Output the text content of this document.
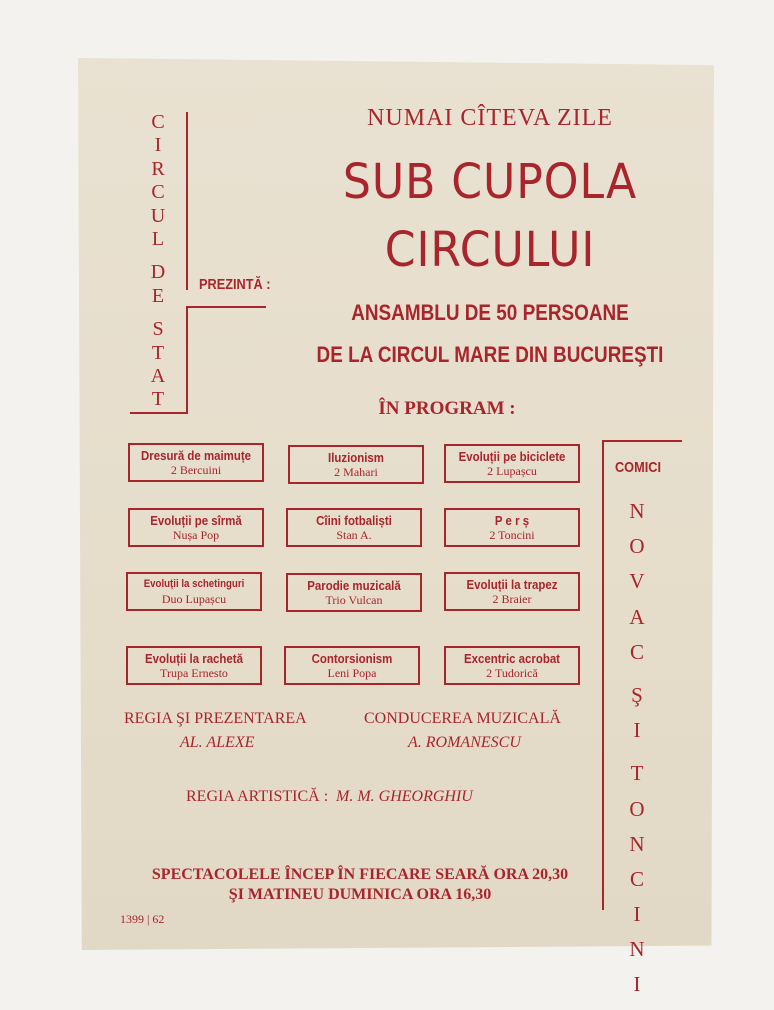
C
I
R
C
U
L
D
E
S
T
A
T
PREZINTĂ :
NUMAI CÎTEVA ZILE
SUB CUPOLA
CIRCULUI
ANSAMBLU DE 50 PERSOANE
DE LA CIRCUL MARE DIN BUCUREŞTI
ÎN PROGRAM :
Dresură de maimuțe
2 Bercuini
Iluzionism
2 Mahari
Evoluții pe biciclete
2 Lupașcu
Evoluții pe sîrmă
Nușa Pop
Cîini fotbaliști
Stan A.
P e r ș
2 Toncini
Evoluții la schetinguri
Duo Lupașcu
Parodie muzicală
Trio Vulcan
Evoluții la trapez
2 Braier
Evoluții la rachetă
Trupa Ernesto
Contorsionism
Leni Popa
Excentric acrobat
2 Tudorică
COMICI
N
O
V
A
C
Ş
I
T
O
N
C
I
N
I
REGIA ŞI PREZENTAREA
AL. ALEXE
CONDUCEREA MUZICALĂ
A. ROMANESCU
REGIA ARTISTICĂ : M. M. GHEORGHIU
SPECTACOLELE ÎNCEP ÎN FIECARE SEARĂ ORA 20,30
ŞI MATINEU DUMINICA ORA 16,30
1399 | 62
